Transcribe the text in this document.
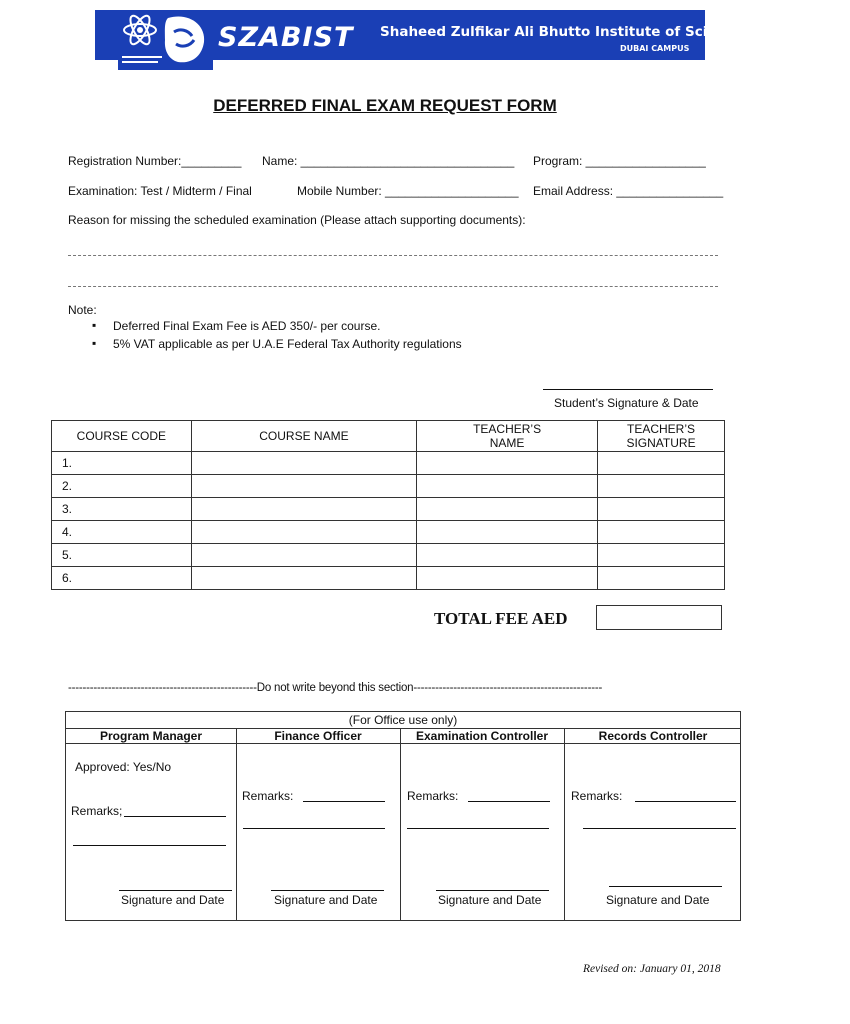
SZABIST Shaheed Zulfikar Ali Bhutto Institute of Science & Technology
DUBAI CAMPUS
DEFERRED FINAL EXAM REQUEST FORM
Registration Number:_________ Name: ________________________________ Program: __________________
Examination: Test / Midterm / Final	Mobile Number: ____________________ Email Address: ________________
Reason for missing the scheduled examination (Please attach supporting documents):
Note:
▪ Deferred Final Exam Fee is AED 350/- per course.
▪ 5% VAT applicable as per U.A.E Federal Tax Authority regulations
Student’s Signature & Date
COURSE CODE	COURSE NAME	TEACHER’S NAME	TEACHER’S SIGNATURE
1.			
2.			
3.			
4.			
5.			
6.			
TOTAL FEE AED
----------------------------------------------------Do not write beyond this section----------------------------------------------------
(For Office use only)
Program Manager	Finance Officer	Examination Controller	Records Controller
Approved: Yes/No
Remarks;
Signature and Date
Remarks:
Signature and Date
Remarks:
Signature and Date
Remarks:
Signature and Date
Revised on: January 01, 2018
